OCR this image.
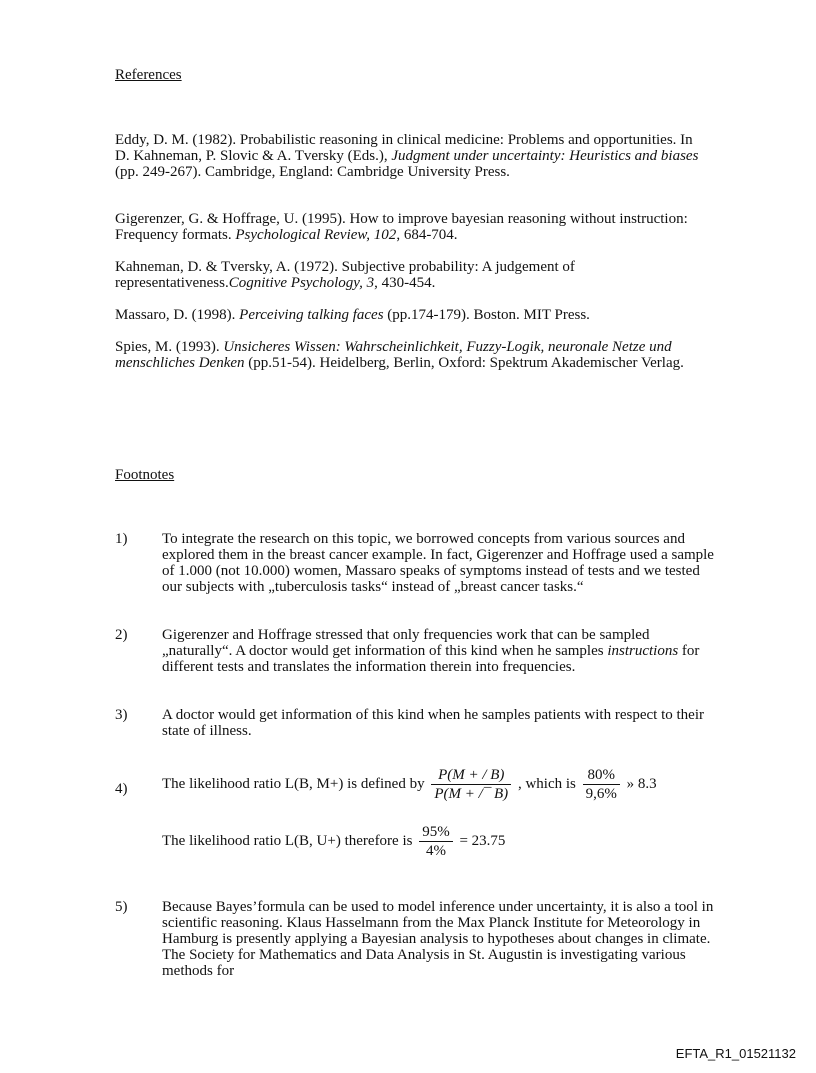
References
Eddy, D. M. (1982). Probabilistic reasoning in clinical medicine: Problems and opportunities. In D. Kahneman, P. Slovic & A. Tversky (Eds.), Judgment under uncertainty: Heuristics and biases (pp. 249-267). Cambridge, England: Cambridge University Press.
Gigerenzer, G. & Hoffrage, U. (1995). How to improve bayesian reasoning without instruction: Frequency formats. Psychological Review, 102, 684-704.
Kahneman, D. & Tversky, A. (1972). Subjective probability: A judgement of representativeness.Cognitive Psychology, 3, 430-454.
Massaro, D. (1998). Perceiving talking faces (pp.174-179). Boston. MIT Press.
Spies, M. (1993). Unsicheres Wissen: Wahrscheinlichkeit, Fuzzy-Logik, neuronale Netze und menschliches Denken (pp.51-54). Heidelberg, Berlin, Oxford: Spektrum Akademischer Verlag.
Footnotes
1) To integrate the research on this topic, we borrowed concepts from various sources and explored them in the breast cancer example. In fact, Gigerenzer and Hoffrage used a sample of 1.000 (not 10.000) women, Massaro speaks of symptoms instead of tests and we tested our subjects with „tuberculosis tasks“ instead of „breast cancer tasks.“
2) Gigerenzer and Hoffrage stressed that only frequencies work that can be sampled „naturally“. A doctor would get information of this kind when he samples instructions for different tests and translates the information therein into frequencies.
3) A doctor would get information of this kind when he samples patients with respect to their state of illness.
4) The likelihood ratio L(B, M+) is defined by $\frac{P(M + / B)}{P(M + /¯ B)}$ , which is $\frac{80\%}{9,6\%}$ » 8.3
The likelihood ratio L(B, U+) therefore is $\frac{95\%}{4\%} = 23.75$
5) Because Bayes’formula can be used to model inference under uncertainty, it is also a tool in scientific reasoning. Klaus Hasselmann from the Max Planck Institute for Meteorology in Hamburg is presently applying a Bayesian analysis to hypotheses about changes in climate. The Society for Mathematics and Data Analysis in St. Augustin is investigating various methods for
EFTA_R1_01521132
